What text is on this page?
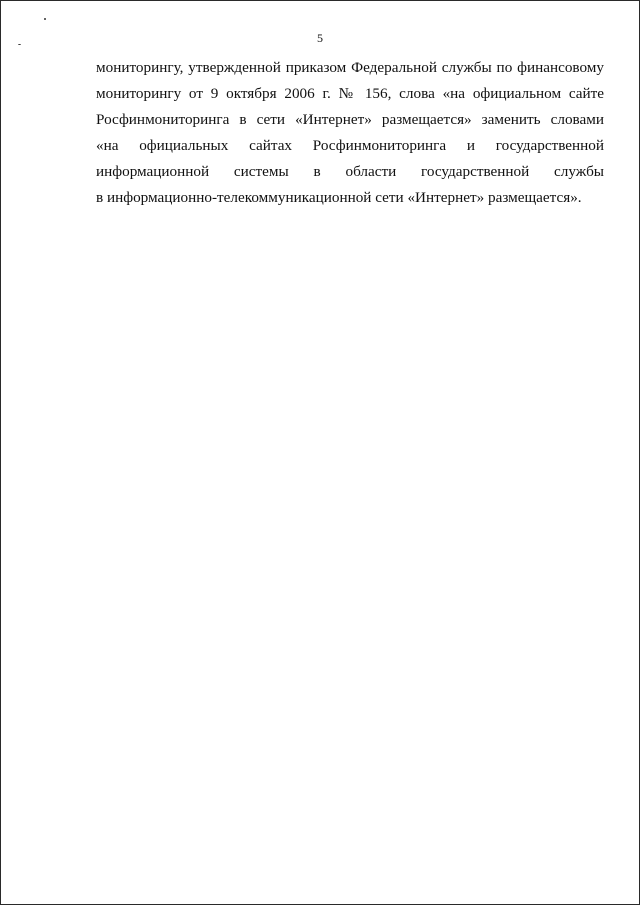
5
мониторингу, утвержденной приказом Федеральной службы по финансовому
мониторингу от 9 октября 2006 г. № 156, слова «на официальном сайте
Росфинмониторинга в сети «Интернет» размещается» заменить словами
«на официальных сайтах Росфинмониторинга и государственной
информационной системы в области государственной службы
в информационно-телекоммуникационной сети «Интернет» размещается».
